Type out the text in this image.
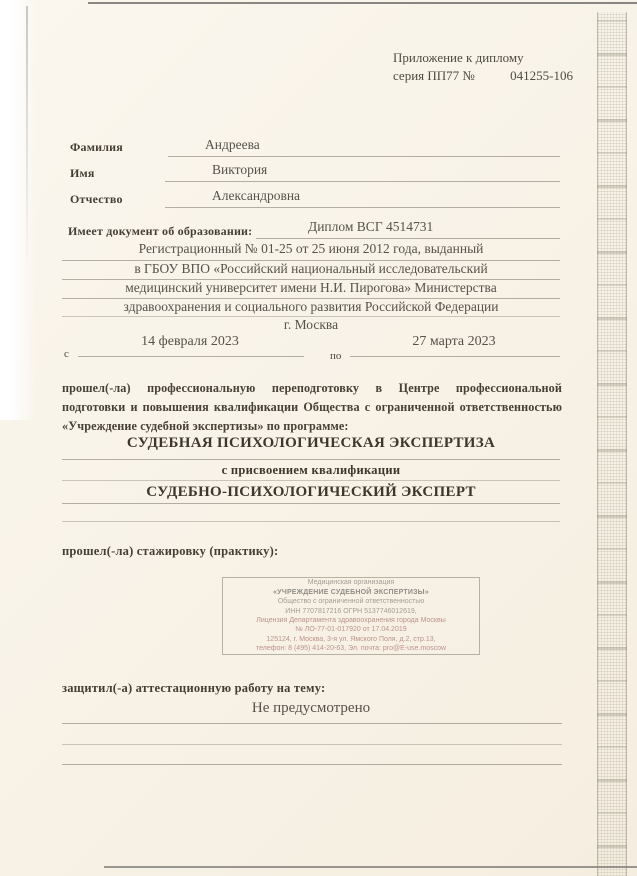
Приложение к диплому
серия ПП77 №	041255-106
Фамилия	Андреева
Имя	Виктория
Отчество	Александровна
Имеет документ об образовании:	Диплом ВСГ 4514731
Регистрационный № 01-25 от 25 июня 2012 года, выданный
в ГБОУ ВПО «Российский национальный исследовательский
медицинский университет имени Н.И. Пирогова» Министерства
здравоохранения и социального развития Российской Федерации
г. Москва
с
14 февраля 2023
по
27 марта 2023
прошел(-ла) профессиональную переподготовку в Центре профессиональной
подготовки и повышения квалификации Общества с ограниченной ответственностью
«Учреждение судебной экспертизы» по программе:
СУДЕБНАЯ ПСИХОЛОГИЧЕСКАЯ ЭКСПЕРТИЗА
с присвоением квалификации
СУДЕБНО-ПСИХОЛОГИЧЕСКИЙ ЭКСПЕРТ
прошел(-ла) стажировку (практику):
Медицинская организация
«УЧРЕЖДЕНИЕ СУДЕБНОЙ ЭКСПЕРТИЗЫ»
Общество с ограниченной ответственностью
ИНН 7707817216 ОГРН 5137746012619,
Лицензия Департамента здравоохранения города Москвы
№ ЛО-77-01-017920 от 17.04.2019
125124, г. Москва, 3-я ул. Ямского Поля, д.2, стр.13,
телефон: 8 (495) 414-20-63, Эл. почта: pro@Е-use.moscow
защитил(-а) аттестационную работу на тему:
Не предусмотрено
